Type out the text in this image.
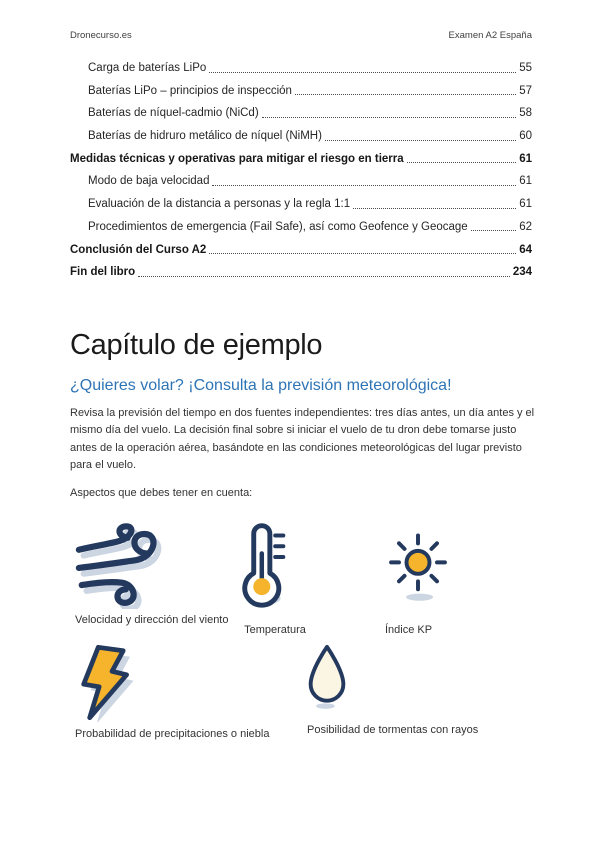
Dronecurso.es	Examen A2 España
Carga de baterías LiPo	55
Baterías LiPo – principios de inspección	57
Baterías de níquel-cadmio (NiCd)	58
Baterías de hidruro metálico de níquel (NiMH)	60
Medidas técnicas y operativas para mitigar el riesgo en tierra	61
Modo de baja velocidad	61
Evaluación de la distancia a personas y la regla 1:1	61
Procedimientos de emergencia (Fail Safe), así como Geofence y Geocage	62
Conclusión del Curso A2	64
Fin del libro	234
Capítulo de ejemplo
¿Quieres volar? ¡Consulta la previsión meteorológica!

Revisa la previsión del tiempo en dos fuentes independientes: tres días antes, un día antes y el mismo día del vuelo. La decisión final sobre si iniciar el vuelo de tu dron debe tomarse justo antes de la operación aérea, basándote en las condiciones meteorológicas del lugar previsto para el vuelo.

Aspectos que debes tener en cuenta:

Velocidad y dirección del viento
Temperatura	Índice KP
Probabilidad de precipitaciones o niebla	Posibilidad de tormentas con rayos
